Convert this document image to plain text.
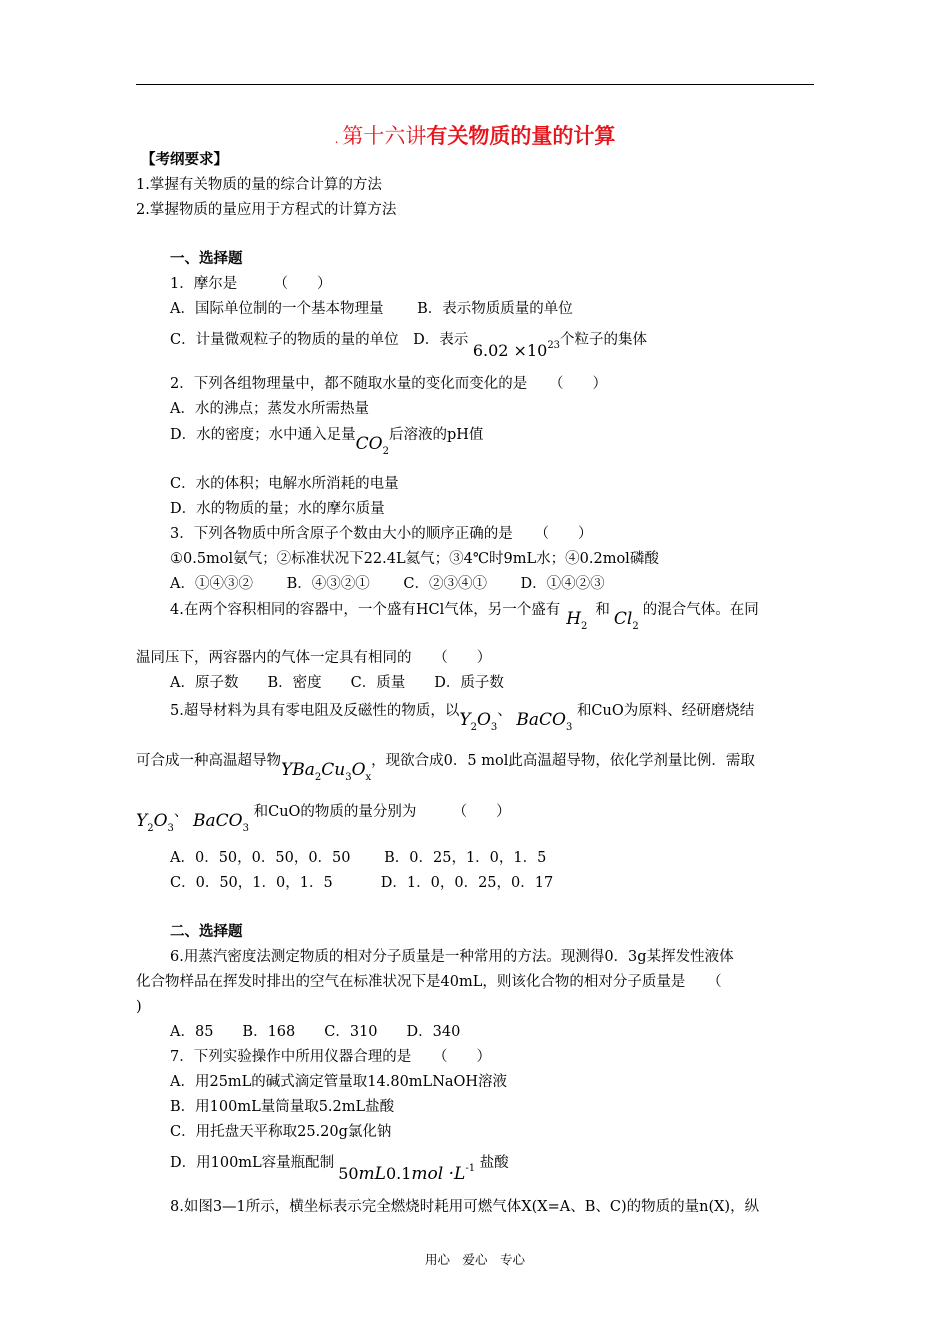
. 第十六讲有关物质的量的计算
【考纲要求】
1.掌握有关物质的量的综合计算的方法
2.掌握物质的量应用于方程式的计算方法
一、选择题
1．摩尔是　　　（　　）
A．国际单位制的一个基本物理量　　 B．表示物质质量的单位
C．计量微观粒子的物质的量的单位　D．表示 $6.02 \times 10^{23}$个粒子的集体
2．下列各组物理量中，都不随取水量的变化而变化的是　　（　　）
A．水的沸点；蒸发水所需热量
D．水的密度；水中通入足量$CO_2$后溶液的pH值
C．水的体积；电解水所消耗的电量
D．水的物质的量；水的摩尔质量
3．下列各物质中所含原子个数由大小的顺序正确的是　　（　　）
①0.5mol氨气；②标准状况下22.4L氦气；③4℃时9mL水；④0.2mol磷酸
A．①④③②　　 B．④③②①　　 C．②③④①　　 D．①④②③
4.在两个容积相同的容器中，一个盛有HCl气体，另一个盛有 $H_2$和 $Cl_2$的混合气体。在同
温同压下，两容器内的气体一定具有相同的　　（　　）
A．原子数　　B．密度　　C．质量　　D．质子数
5.超导材料为具有零电阻及反磁性的物质，以$Y_2O_3$、 BaCO$_3$ 和CuO为原料、经研磨烧结
可合成一种高温超导物$YBa_2Cu_3O_x$，现欲合成0．5 mol此高温超导物，依化学剂量比例．需取
$Y_2O_3$、 BaCO$_3$ 和CuO的物质的量分别为　　　（　　）
A．0．50，0．50，0．50　　 B．0．25，1．0，1．5
C．0．50，1．0，1．5　　　 D．1．0，0．25，0．17
二、选择题
6.用蒸汽密度法测定物质的相对分子质量是一种常用的方法。现测得0．3g某挥发性液体
化合物样品在挥发时排出的空气在标准状况下是40mL，则该化合物的相对分子质量是　　（
)
A．85　　B．168　　C．310　　D．340
7．下列实验操作中所用仪器合理的是　　（　　）
A．用25mL的碱式滴定管量取14.80mLNaOH溶液
B．用100mL量筒量取5.2mL盐酸
C．用托盘天平称取25.20g氯化钠
D．用100mL容量瓶配制$50mL0.1mol \cdot L^{-1}$ 盐酸
8.如图3—1所示，横坐标表示完全燃烧时耗用可燃气体X(X=A、B、C)的物质的量n(X)，纵
用心　爱心　专心
